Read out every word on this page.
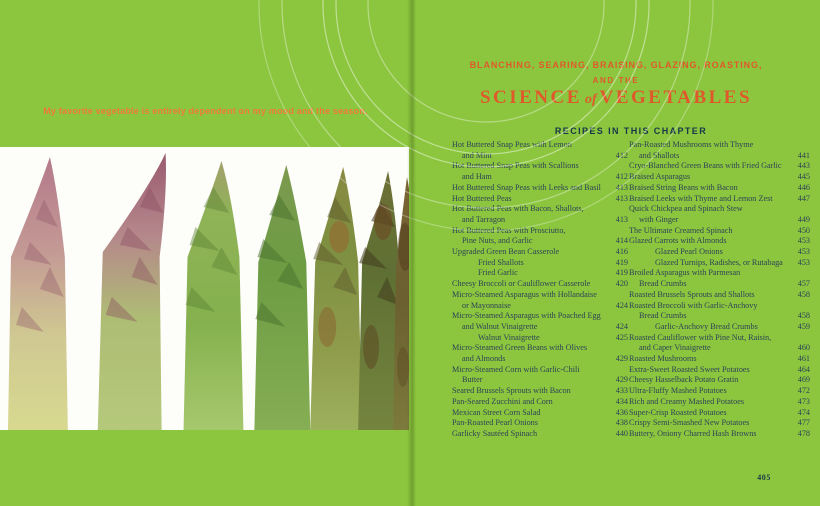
My favorite vegetable is entirely dependent on my mood and the season.
BLANCHING, SEARING, BRAISING, GLAZING, ROASTING,
AND THE
SCIENCE of VEGETABLES
RECIPES IN THIS CHAPTER
Hot Buttered Snap Peas with Lemon
and Mint	412
Hot Buttered Snap Peas with Scallions
and Ham	412
Hot Buttered Snap Peas with Leeks and Basil 413
Hot Buttered Peas	413
Hot Buttered Peas with Bacon, Shallots,
and Tarragon	413
Hot Buttered Peas with Prosciutto,
Pine Nuts, and Garlic	414
Upgraded Green Bean Casserole	416
Fried Shallots	419
Fried Garlic	419
Cheesy Broccoli or Cauliflower Casserole	420
Micro-Steamed Asparagus with Hollandaise
or Mayonnaise	424
Micro-Steamed Asparagus with Poached Egg
and Walnut Vinaigrette	424
Walnut Vinaigrette	425
Micro-Steamed Green Beans with Olives
and Almonds	429
Micro-Steamed Corn with Garlic-Chili
Butter	429
Seared Brussels Sprouts with Bacon	433
Pan-Seared Zucchini and Corn	434
Mexican Street Corn Salad	436
Pan-Roasted Pearl Onions	438
Garlicky Sautéed Spinach	440
Pan-Roasted Mushrooms with Thyme
and Shallots	441
Cryo-Blanched Green Beans with Fried Garlic 443
Braised Asparagus	445
Braised String Beans with Bacon	446
Braised Leeks with Thyme and Lemon Zest	447
Quick Chickpea and Spinach Stew
with Ginger	449
The Ultimate Creamed Spinach	450
Glazed Carrots with Almonds	453
Glazed Pearl Onions	453
Glazed Turnips, Radishes, or Rutabaga 453
Broiled Asparagus with Parmesan
Bread Crumbs	457
Roasted Brussels Sprouts and Shallots	458
Roasted Broccoli with Garlic-Anchovy
Bread Crumbs	458
Garlic-Anchovy Bread Crumbs	459
Roasted Cauliflower with Pine Nut, Raisin,
and Caper Vinaigrette	460
Roasted Mushrooms	461
Extra-Sweet Roasted Sweet Potatoes	464
Cheesy Hasselback Potato Gratin	469
Ultra-Fluffy Mashed Potatoes	472
Rich and Creamy Mashed Potatoes	473
Super-Crisp Roasted Potatoes	474
Crispy Semi-Smashed New Potatoes	477
Buttery, Oniony Charred Hash Browns	478
405
